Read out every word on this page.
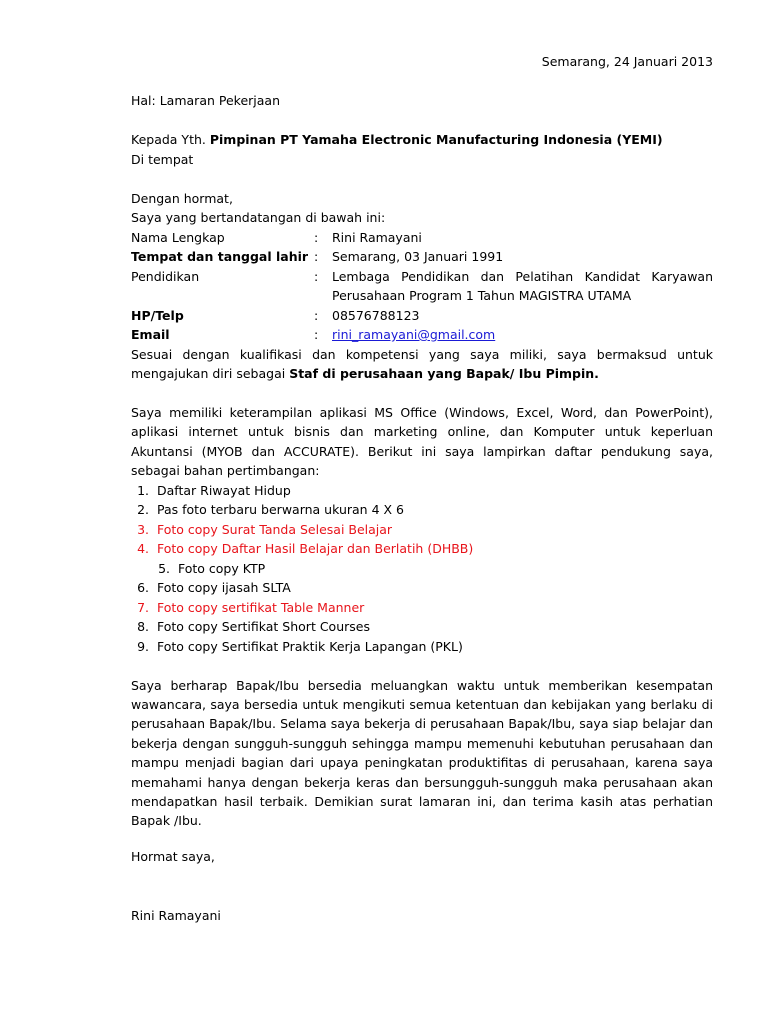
Semarang, 24 Januari 2013
Hal: Lamaran Pekerjaan
Kepada Yth. Pimpinan PT Yamaha Electronic Manufacturing Indonesia (YEMI)
Di tempat
Dengan hormat,
Saya yang bertandatangan di bawah ini:
Nama Lengkap	: Rini Ramayani
Tempat dan tanggal lahir : Semarang, 03 Januari 1991
Pendidikan	: Lembaga Pendidikan dan Pelatihan Kandidat Karyawan
Perusahaan Program 1 Tahun MAGISTRA UTAMA
HP/Telp	: 08576788123
Email	: rini_ramayani@gmail.com
Sesuai dengan kualifikasi dan kompetensi yang saya miliki, saya bermaksud untuk
mengajukan diri sebagai Staf di perusahaan yang Bapak/ Ibu Pimpin.
Saya memiliki keterampilan aplikasi MS Office (Windows, Excel, Word, dan PowerPoint), aplikasi internet untuk bisnis dan marketing online, dan Komputer untuk keperluan Akuntansi (MYOB dan ACCURATE). Berikut ini saya lampirkan daftar pendukung saya, sebagai bahan pertimbangan:
1. Daftar Riwayat Hidup
2. Pas foto terbaru berwarna ukuran 4 X 6
3. Foto copy Surat Tanda Selesai Belajar
4. Foto copy Daftar Hasil Belajar dan Berlatih (DHBB)
5. Foto copy KTP
6. Foto copy ijasah SLTA
7. Foto copy sertifikat Table Manner
8. Foto copy Sertifikat Short Courses
9. Foto copy Sertifikat Praktik Kerja Lapangan (PKL)
Saya berharap Bapak/Ibu bersedia meluangkan waktu untuk memberikan kesempatan wawancara, saya bersedia untuk mengikuti semua ketentuan dan kebijakan yang berlaku di perusahaan Bapak/Ibu. Selama saya bekerja di perusahaan Bapak/Ibu, saya siap belajar dan bekerja dengan sungguh-sungguh sehingga mampu memenuhi kebutuhan perusahaan dan mampu menjadi bagian dari upaya peningkatan produktifitas di perusahaan, karena saya memahami hanya dengan bekerja keras dan bersungguh-sungguh maka perusahaan akan mendapatkan hasil terbaik. Demikian surat lamaran ini, dan terima kasih atas perhatian Bapak /Ibu.
Hormat saya,
Rini Ramayani
